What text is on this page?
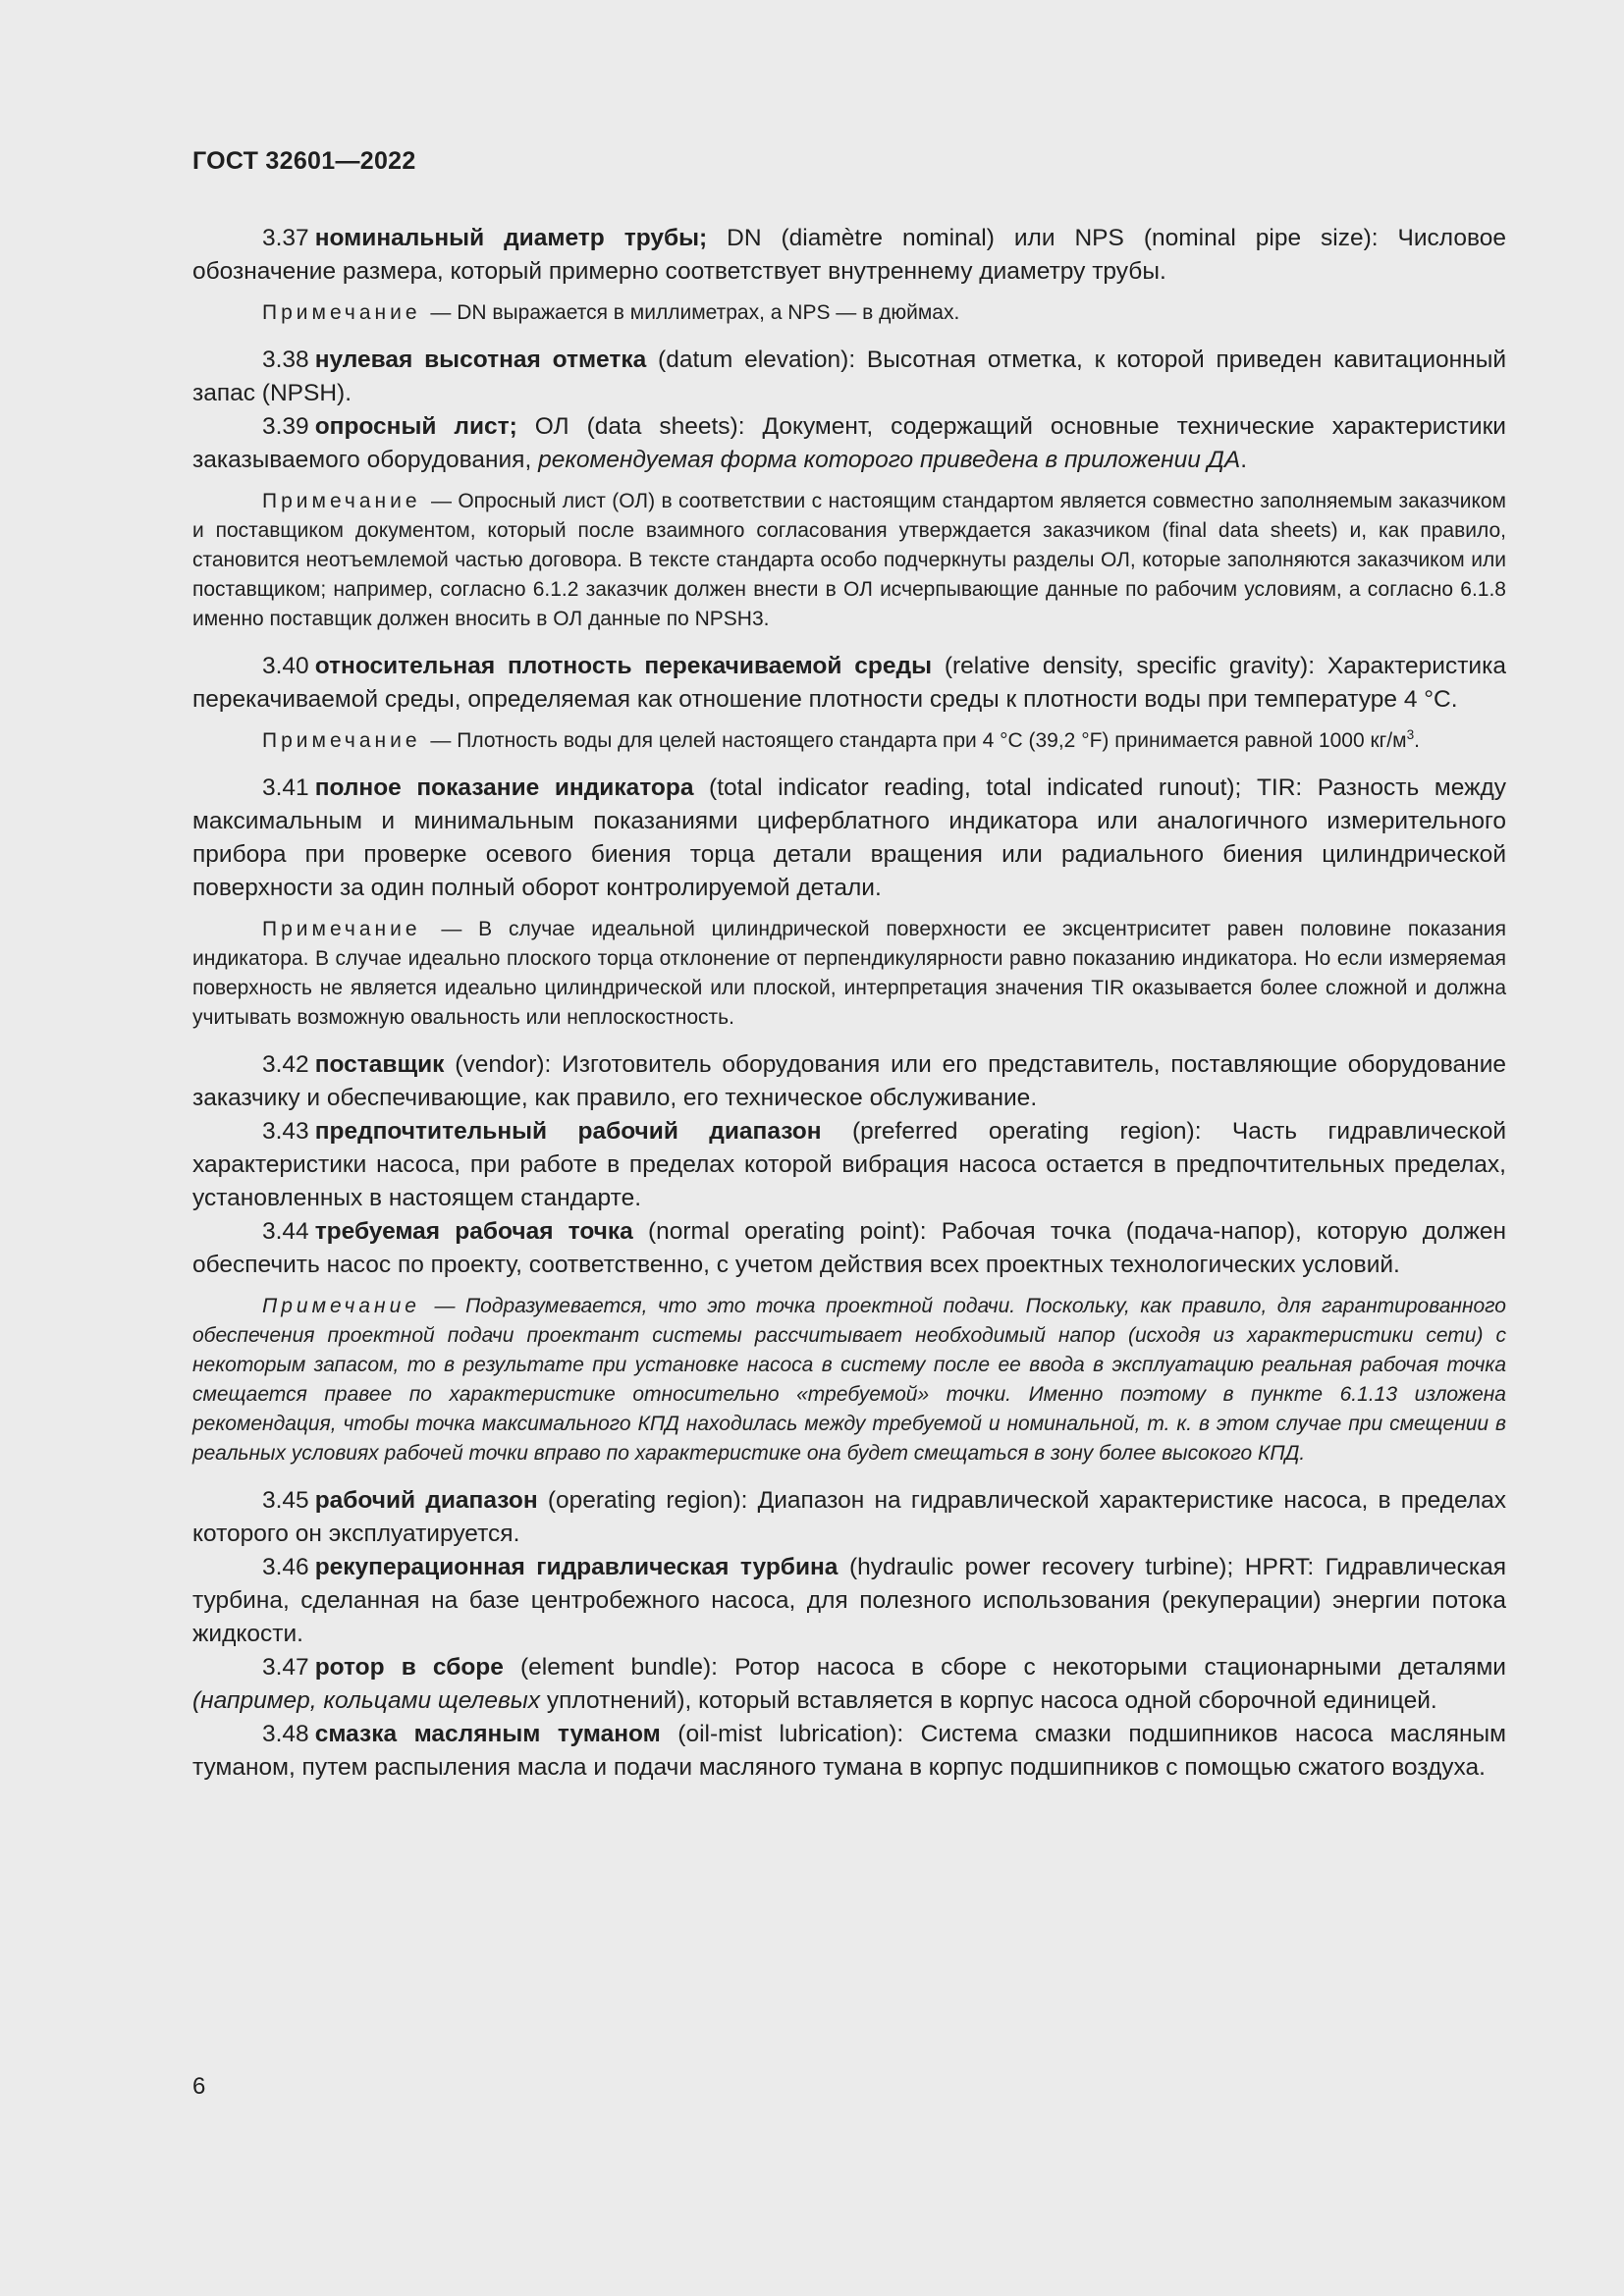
ГОСТ 32601—2022

3.37 номинальный диаметр трубы; DN (diamètre nominal) или NPS (nominal pipe size): Числовое обозначение размера, который примерно соответствует внутреннему диаметру трубы.

Примечание — DN выражается в миллиметрах, а NPS — в дюймах.

3.38 нулевая высотная отметка (datum elevation): Высотная отметка, к которой приведен кавитационный запас (NPSH).

3.39 опросный лист; ОЛ (data sheets): Документ, содержащий основные технические характеристики заказываемого оборудования, рекомендуемая форма которого приведена в приложении ДА.

Примечание — Опросный лист (ОЛ) в соответствии с настоящим стандартом является совместно заполняемым заказчиком и поставщиком документом, который после взаимного согласования утверждается заказчиком (final data sheets) и, как правило, становится неотъемлемой частью договора. В тексте стандарта особо подчеркнуты разделы ОЛ, которые заполняются заказчиком или поставщиком; например, согласно 6.1.2 заказчик должен внести в ОЛ исчерпывающие данные по рабочим условиям, а согласно 6.1.8 именно поставщик должен вносить в ОЛ данные по NPSH3.

3.40 относительная плотность перекачиваемой среды (relative density, specific gravity): Характеристика перекачиваемой среды, определяемая как отношение плотности среды к плотности воды при температуре 4 °C.

Примечание — Плотность воды для целей настоящего стандарта при 4 °C (39,2 °F) принимается равной 1000 $кг/м^3$.

3.41 полное показание индикатора (total indicator reading, total indicated runout); TIR: Разность между максимальным и минимальным показаниями циферблатного индикатора или аналогичного измерительного прибора при проверке осевого биения торца детали вращения или радиального биения цилиндрической поверхности за один полный оборот контролируемой детали.

Примечание — В случае идеальной цилиндрической поверхности ее эксцентриситет равен половине показания индикатора. В случае идеально плоского торца отклонение от перпендикулярности равно показанию индикатора. Но если измеряемая поверхность не является идеально цилиндрической или плоской, интерпретация значения TIR оказывается более сложной и должна учитывать возможную овальность или неплоскостность.

3.42 поставщик (vendor): Изготовитель оборудования или его представитель, поставляющие оборудование заказчику и обеспечивающие, как правило, его техническое обслуживание.

3.43 предпочтительный рабочий диапазон (preferred operating region): Часть гидравлической характеристики насоса, при работе в пределах которой вибрация насоса остается в предпочтительных пределах, установленных в настоящем стандарте.

3.44 требуемая рабочая точка (normal operating point): Рабочая точка (подача-напор), которую должен обеспечить насос по проекту, соответственно, с учетом действия всех проектных технологических условий.

Примечание — Подразумевается, что это точка проектной подачи. Поскольку, как правило, для гарантированного обеспечения проектной подачи проектант системы рассчитывает необходимый напор (исходя из характеристики сети) с некоторым запасом, то в результате при установке насоса в систему после ее ввода в эксплуатацию реальная рабочая точка смещается правее по характеристике относительно «требуемой» точки. Именно поэтому в пункте 6.1.13 изложена рекомендация, чтобы точка максимального КПД находилась между требуемой и номинальной, т. к. в этом случае при смещении в реальных условиях рабочей точки вправо по характеристике она будет смещаться в зону более высокого КПД.

3.45 рабочий диапазон (operating region): Диапазон на гидравлической характеристике насоса, в пределах которого он эксплуатируется.

3.46 рекуперационная гидравлическая турбина (hydraulic power recovery turbine); HPRT: Гидравлическая турбина, сделанная на базе центробежного насоса, для полезного использования (рекуперации) энергии потока жидкости.

3.47 ротор в сборе (element bundle): Ротор насоса в сборе с некоторыми стационарными деталями (например, кольцами щелевых уплотнений), который вставляется в корпус насоса одной сборочной единицей.

3.48 смазка масляным туманом (oil-mist lubrication): Система смазки подшипников насоса масляным туманом, путем распыления масла и подачи масляного тумана в корпус подшипников с помощью сжатого воздуха.

6
